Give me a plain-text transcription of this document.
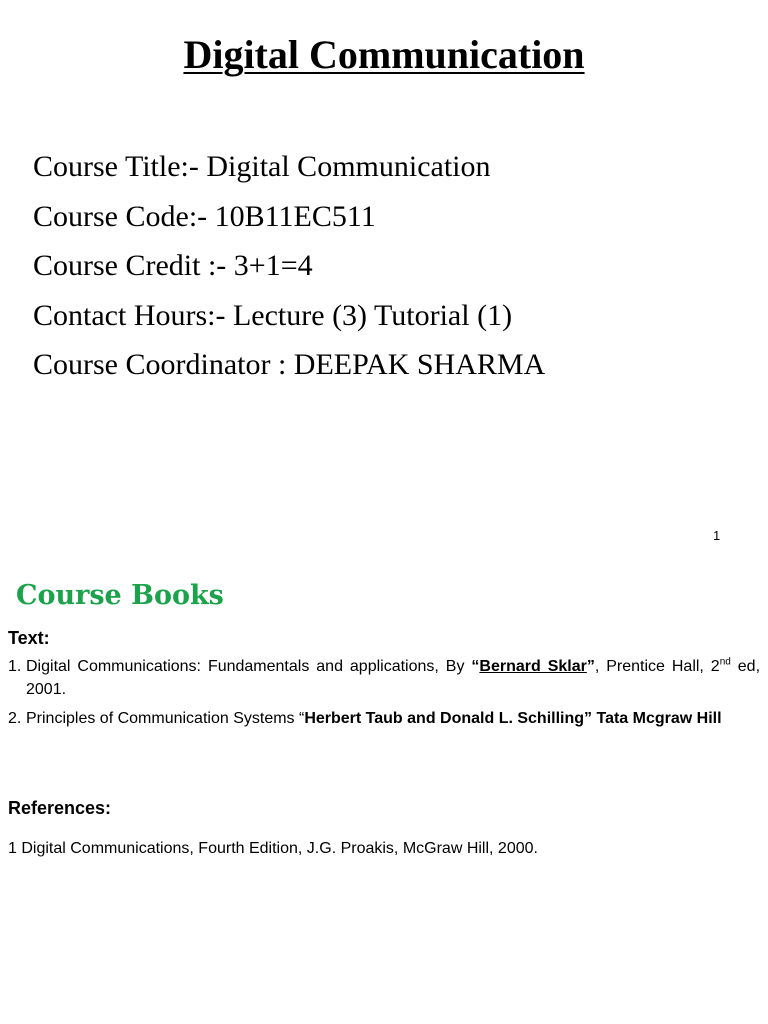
Digital Communication
Course Title:- Digital Communication
Course Code:- 10B11EC511
Course Credit :- 3+1=4
Contact Hours:- Lecture (3) Tutorial (1)
Course Coordinator : DEEPAK SHARMA
1
Course Books
Text:
1. Digital Communications: Fundamentals and applications, By “Bernard Sklar”, Prentice Hall, 2nd ed, 2001.
2. Principles of Communication Systems “Herbert Taub and Donald L. Schilling” Tata Mcgraw Hill
References:
1 Digital Communications, Fourth Edition, J.G. Proakis, McGraw Hill, 2000.
